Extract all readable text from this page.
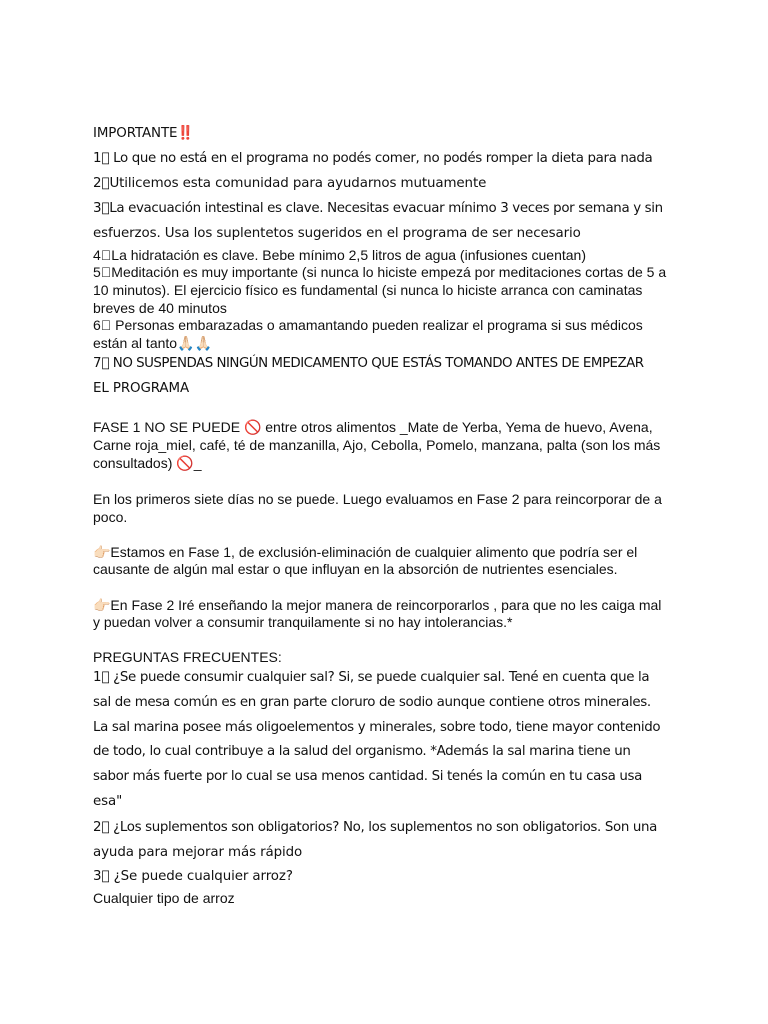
IMPORTANTE‼️
1⃣ Lo que no está en el programa no podés comer, no podés romper la dieta para nada
2⃣Utilicemos esta comunidad para ayudarnos mutuamente
3⃣La evacuación intestinal es clave. Necesitas evacuar mínimo 3 veces por semana y sin
esfuerzos. Usa los suplentetos sugeridos en el programa de ser necesario
4⃣La hidratación es clave. Bebe mínimo 2,5 litros de agua (infusiones cuentan)
5⃣Meditación es muy importante (si nunca lo hiciste empezá por meditaciones cortas de 5 a
10 minutos). El ejercicio físico es fundamental (si nunca lo hiciste arranca con caminatas
breves de 40 minutos
6⃣ Personas embarazadas o amamantando pueden realizar el programa si sus médicos
están al tanto🙏🏻🙏🏻
7⃣ NO SUSPENDAS NINGÚN MEDICAMENTO QUE ESTÁS TOMANDO ANTES DE EMPEZAR
EL PROGRAMA
FASE 1 NO SE PUEDE 🚫 entre otros alimentos _Mate de Yerba, Yema de huevo, Avena,
Carne roja_miel, café, té de manzanilla, Ajo, Cebolla, Pomelo, manzana, palta (son los más
consultados) 🚫_
En los primeros siete días no se puede. Luego evaluamos en Fase 2 para reincorporar de a
poco.
👉🏻Estamos en Fase 1, de exclusión-eliminación de cualquier alimento que podría ser el
causante de algún mal estar o que influyan en la absorción de nutrientes esenciales.
👉🏻En Fase 2 Iré enseñando la mejor manera de reincorporarlos , para que no les caiga mal
y puedan volver a consumir tranquilamente si no hay intolerancias.*
PREGUNTAS FRECUENTES:
1⃣ ¿Se puede consumir cualquier sal? Si, se puede cualquier sal. Tené en cuenta que la
sal de mesa común es en gran parte cloruro de sodio aunque contiene otros minerales.
La sal marina posee más oligoelementos y minerales, sobre todo, tiene mayor contenido
de todo, lo cual contribuye a la salud del organismo. *Además la sal marina tiene un
sabor más fuerte por lo cual se usa menos cantidad. Si tenés la común en tu casa usa
esa"
2⃣ ¿Los suplementos son obligatorios? No, los suplementos no son obligatorios. Son una
ayuda para mejorar más rápido
3⃣ ¿Se puede cualquier arroz?
Cualquier tipo de arroz
